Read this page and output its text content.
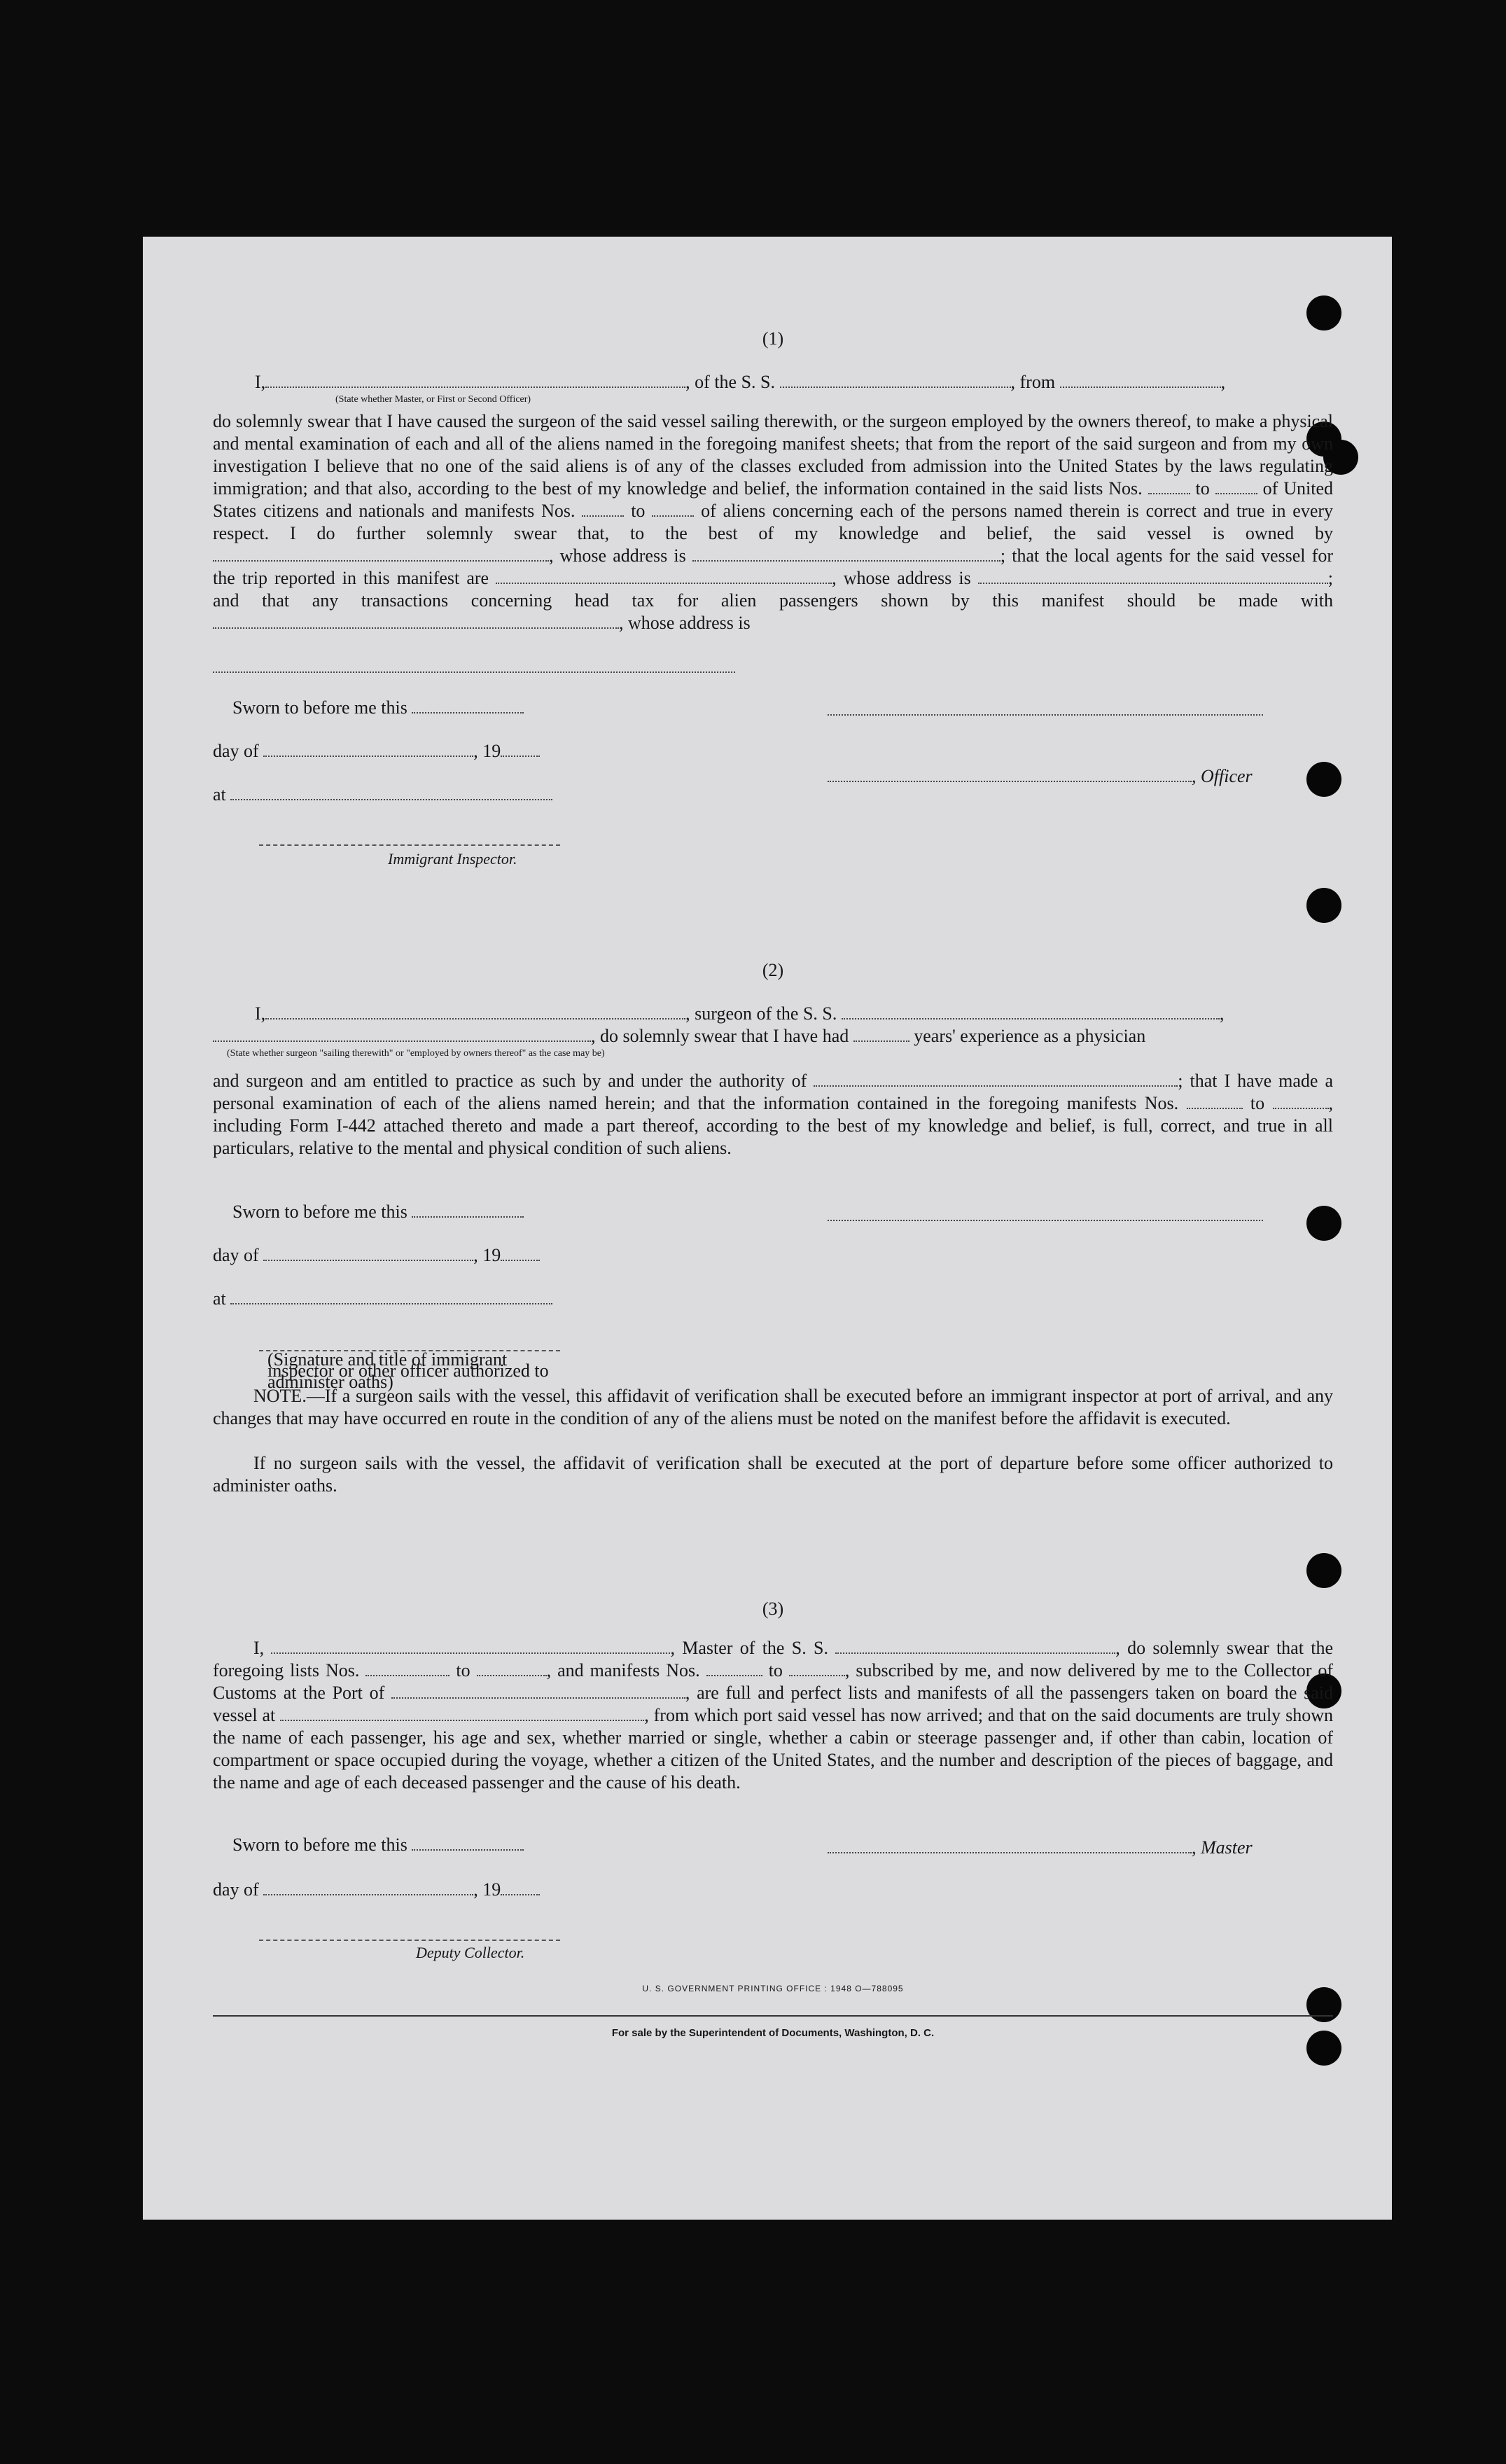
(1)
I,	, of the S. S.	, from	,
(State whether Master, or First or Second Officer)
do solemnly swear that I have caused the surgeon of the said vessel sailing therewith, or the surgeon employed by the owners thereof, to make a physical and mental examination of each and all of the aliens named in the foregoing manifest sheets; that from the report of the said surgeon and from my own investigation I believe that no one of the said aliens is of any of the classes excluded from admission into the United States by the laws regulating immigration; and that also, according to the best of my knowledge and belief, the information contained in the said lists Nos.	to	of United States citizens and nationals and manifests Nos.	to	of aliens concerning each of the persons named therein is correct and true in every respect. I do further solemnly swear that, to the best of my knowledge and belief, the said vessel is owned by , whose address is	; that the local agents for the said vessel for the trip reported in this manifest are	, whose address is	; and that any transactions concerning head tax for alien passengers shown by this manifest should be made with , whose address is
Sworn to before me this
day of	, 19
, Officer
at
Immigrant Inspector.
(2)
I,	, surgeon of the S. S.	,
, do solemnly swear that I have had	years' experience as a physician
(State whether surgeon "sailing therewith" or "employed by owners thereof" as the case may be)
and surgeon and am entitled to practice as such by and under the authority of	; that I have made a personal examination of each of the aliens named herein; and that the information contained in the foregoing manifests Nos.	to	, including Form I-442 attached thereto and made a part thereof, according to the best of my knowledge and belief, is full, correct, and true in all particulars, relative to the mental and physical condition of such aliens.
Sworn to before me this
day of	, 19
at
(Signature and title of immigrant inspector or other officer authorized to administer oaths)
NOTE.—If a surgeon sails with the vessel, this affidavit of verification shall be executed before an immigrant inspector at port of arrival, and any changes that may have occurred en route in the condition of any of the aliens must be noted on the manifest before the affidavit is executed.
If no surgeon sails with the vessel, the affidavit of verification shall be executed at the port of departure before some officer authorized to administer oaths.
(3)
I,	, Master of the S. S.	, do solemnly swear that the foregoing lists Nos.	to	, and manifests Nos.	to	, subscribed by me, and now delivered by me to the Collector of Customs at the Port of	, are full and perfect lists and manifests of all the passengers taken on board the said vessel at	, from which port said vessel has now arrived; and that on the said documents are truly shown the name of each passenger, his age and sex, whether married or single, whether a cabin or steerage passenger and, if other than cabin, location of compartment or space occupied during the voyage, whether a citizen of the United States, and the number and description of the pieces of baggage, and the name and age of each deceased passenger and the cause of his death.
Sworn to before me this	, Master
day of	, 19
Deputy Collector.
U. S. GOVERNMENT PRINTING OFFICE : 1948 O—788095
For sale by the Superintendent of Documents, Washington, D. C.
